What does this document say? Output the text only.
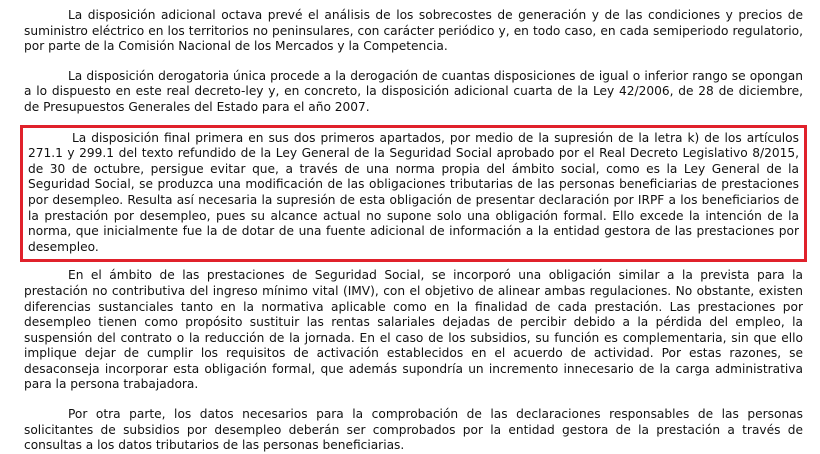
La disposición adicional octava prevé el análisis de los sobrecostes de generación y de las condiciones y precios de suministro eléctrico en los territorios no peninsulares, con carácter periódico y, en todo caso, en cada semiperiodo regulatorio, por parte de la Comisión Nacional de los Mercados y la Competencia.

La disposición derogatoria única procede a la derogación de cuantas disposiciones de igual o inferior rango se opongan a lo dispuesto en este real decreto-ley y, en concreto, la disposición adicional cuarta de la Ley 42/2006, de 28 de diciembre, de Presupuestos Generales del Estado para el año 2007.

La disposición final primera en sus dos primeros apartados, por medio de la supresión de la letra k) de los artículos 271.1 y 299.1 del texto refundido de la Ley General de la Seguridad Social aprobado por el Real Decreto Legislativo 8/2015, de 30 de octubre, persigue evitar que, a través de una norma propia del ámbito social, como es la Ley General de la Seguridad Social, se produzca una modificación de las obligaciones tributarias de las personas beneficiarias de prestaciones por desempleo. Resulta así necesaria la supresión de esta obligación de presentar declaración por IRPF a los beneficiarios de la prestación por desempleo, pues su alcance actual no supone solo una obligación formal. Ello excede la intención de la norma, que inicialmente fue la de dotar de una fuente adicional de información a la entidad gestora de las prestaciones por desempleo.

En el ámbito de las prestaciones de Seguridad Social, se incorporó una obligación similar a la prevista para la prestación no contributiva del ingreso mínimo vital (IMV), con el objetivo de alinear ambas regulaciones. No obstante, existen diferencias sustanciales tanto en la normativa aplicable como en la finalidad de cada prestación. Las prestaciones por desempleo tienen como propósito sustituir las rentas salariales dejadas de percibir debido a la pérdida del empleo, la suspensión del contrato o la reducción de la jornada. En el caso de los subsidios, su función es complementaria, sin que ello implique dejar de cumplir los requisitos de activación establecidos en el acuerdo de actividad. Por estas razones, se desaconseja incorporar esta obligación formal, que además supondría un incremento innecesario de la carga administrativa para la persona trabajadora.

Por otra parte, los datos necesarios para la comprobación de las declaraciones responsables de las personas solicitantes de subsidios por desempleo deberán ser comprobados por la entidad gestora de la prestación a través de consultas a los datos tributarios de las personas beneficiarias.
